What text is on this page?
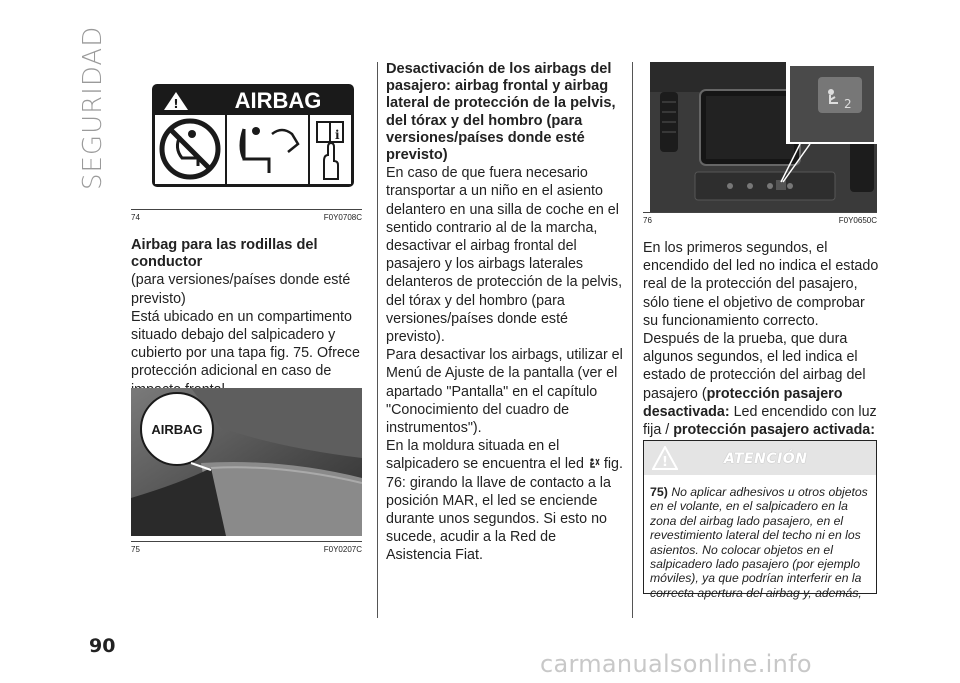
SEGURIDAD	!	AIRBAG
i
74	F0Y0708C

Airbag para las rodillas del conductor

(para versiones/países donde esté previsto)

Está ubicado en un compartimento situado debajo del salpicadero y cubierto por una tapa fig. 75. Ofrece protección adicional en caso de

AIRBAG
75	F0Y0207C

Desactivación de los airbags del pasajero: airbag frontal y airbag lateral de protección de la pelvis, del tórax y del hombro (para versiones/países donde esté previsto)

En caso de que fuera necesario transportar a un niño en el asiento delantero en una silla de coche en el sentido contrario al de la marcha, desactivar el airbag frontal del pasajero y los airbags laterales delanteros de protección de la pelvis, del tórax y del hombro (para versiones/países donde esté previsto).

Para desactivar los airbags, utilizar el Menú de Ajuste de la pantalla (ver el apartado "Pantalla" en el capítulo "Conocimiento del cuadro de instrumentos").

En la moldura situada en el salpicadero se encuentra el led fig. 76: girando la llave de contacto a la posición MAR, el led se enciende durante unos segundos. Si esto no sucede, acudir a la Red de Asistencia Fiat.

2
76	F0Y0650C

En los primeros segundos, el encendido del led no indica el estado real de la protección del pasajero, sólo tiene el objetivo de comprobar su funcionamiento correcto. Después de la prueba, que dura algunos segundos, el led indica el estado de protección del airbag del pasajero (protección pasajero desactivada: Led encendido con luz fija / protección pasajero activada:

!	ATENCIÓN
75) No aplicar adhesivos u otros objetos en el volante, en el salpicadero en la zona del airbag lado pasajero, en el revestimiento lateral del techo ni en los asientos. No colocar objetos en el salpicadero lado pasajero (por ejemplo móviles), ya que podrían interferir en la correcta apertura del airbag y, además,
90
carmanualsonline.info
